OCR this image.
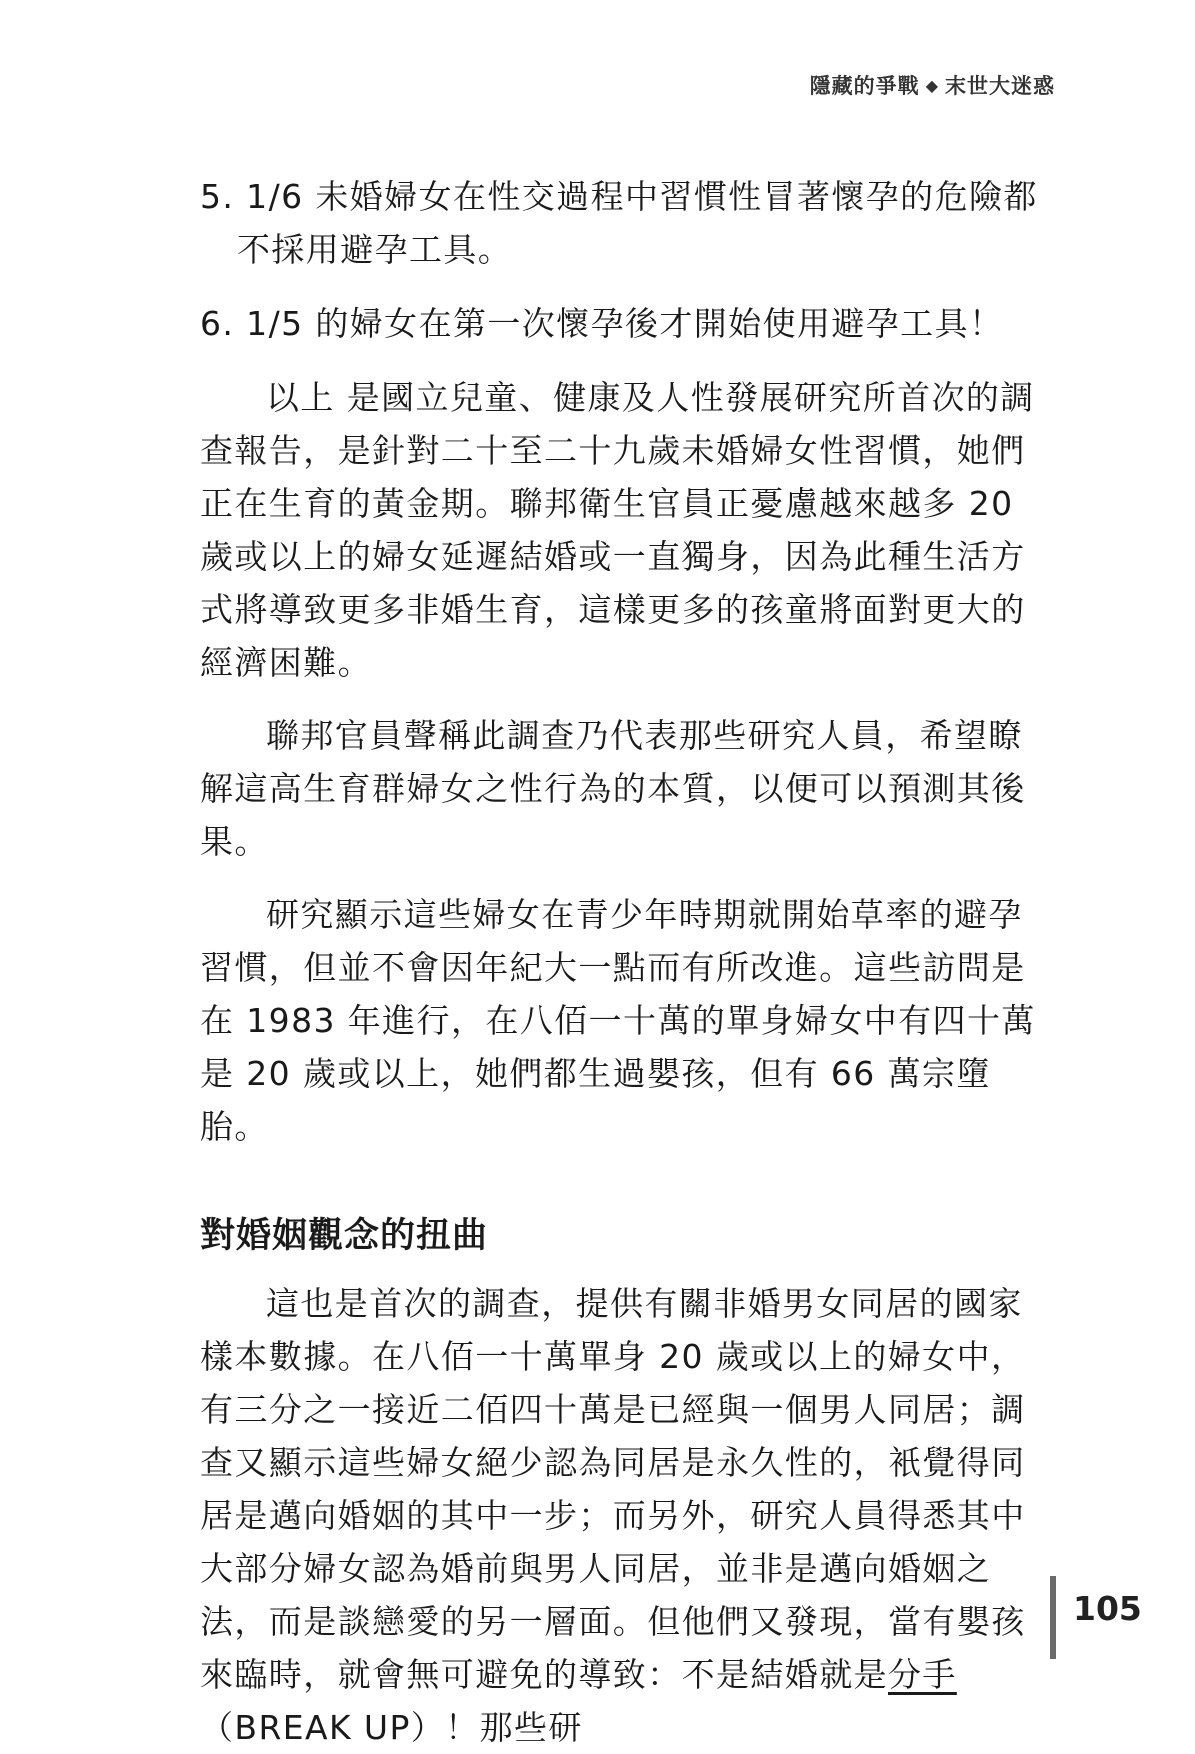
隱藏的爭戰 ◆ 末世大迷惑

5. 1/6 未婚婦女在性交過程中習慣性冒著懷孕的危險都不採用避孕工具。

6. 1/5 的婦女在第一次懷孕後才開始使用避孕工具！

以上 是國立兒童、健康及人性發展研究所首次的調查報告，是針對二十至二十九歲未婚婦女性習慣，她們正在生育的黃金期。聯邦衛生官員正憂慮越來越多 20 歲或以上的婦女延遲結婚或一直獨身，因為此種生活方式將導致更多非婚生育，這樣更多的孩童將面對更大的經濟困難。

聯邦官員聲稱此調查乃代表那些研究人員，希望瞭解這高生育群婦女之性行為的本質，以便可以預測其後果。

研究顯示這些婦女在青少年時期就開始草率的避孕習慣，但並不會因年紀大一點而有所改進。這些訪問是在 1983 年進行，在八佰一十萬的單身婦女中有四十萬是 20 歲或以上，她們都生過嬰孩，但有 66 萬宗墮胎。

對婚姻觀念的扭曲

這也是首次的調查，提供有關非婚男女同居的國家樣本數據。在八佰一十萬單身 20 歲或以上的婦女中，有三分之一接近二佰四十萬是已經與一個男人同居；調查又顯示這些婦女絕少認為同居是永久性的，衹覺得同居是邁向婚姻的其中一步；而另外，研究人員得悉其中大部分婦女認為婚前與男人同居，並非是邁向婚姻之法，而是談戀愛的另一層面。但他們又發現，當有嬰孩來臨時，就會無可避免的導致：不是結婚就是分手（BREAK UP）！那些研

105
